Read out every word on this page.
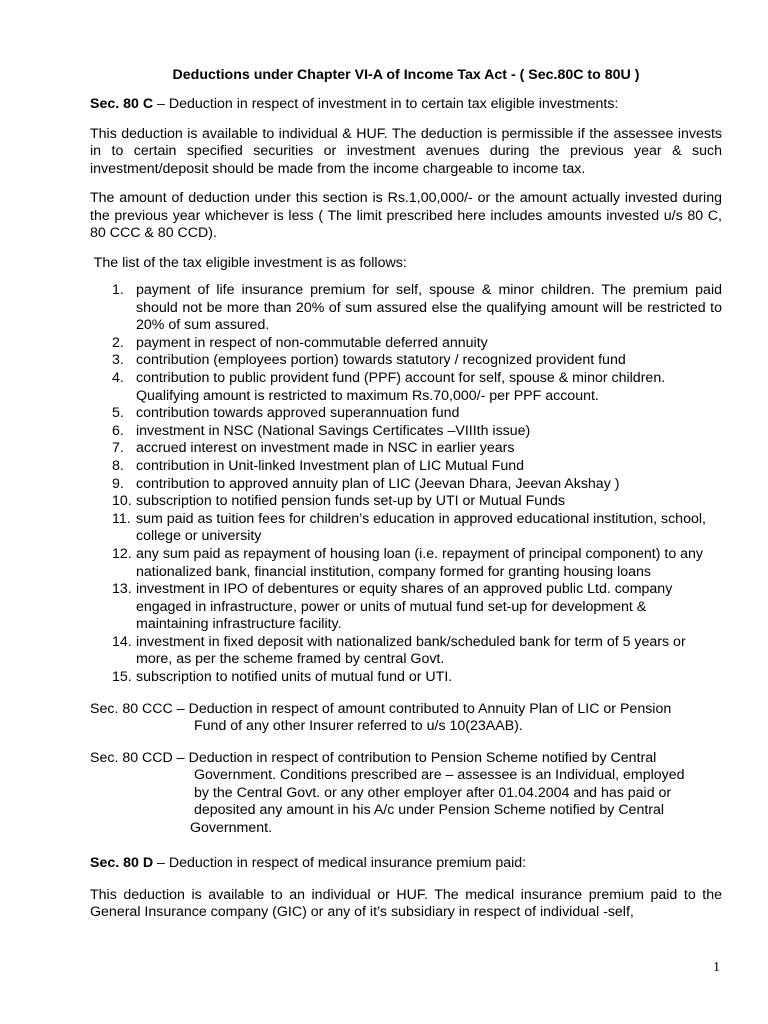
Deductions under Chapter VI-A of Income Tax Act - ( Sec.80C to 80U )

Sec. 80 C – Deduction in respect of investment in to certain tax eligible investments:

This deduction is available to individual & HUF. The deduction is permissible if the assessee invests in to certain specified securities or investment avenues during the previous year & such investment/deposit should be made from the income chargeable to income tax.

The amount of deduction under this section is Rs.1,00,000/- or the amount actually invested during the previous year whichever is less ( The limit prescribed here includes amounts invested u/s 80 C, 80 CCC & 80 CCD).

The list of the tax eligible investment is as follows:

1. payment of life insurance premium for self, spouse & minor children. The premium paid should not be more than 20% of sum assured else the qualifying amount will be restricted to 20% of sum assured.
2. payment in respect of non-commutable deferred annuity
3. contribution (employees portion) towards statutory / recognized provident fund
4. contribution to public provident fund (PPF) account for self, spouse & minor children. Qualifying amount is restricted to maximum Rs.70,000/- per PPF account.
5. contribution towards approved superannuation fund
6. investment in NSC (National Savings Certificates –VIIIth issue)
7. accrued interest on investment made in NSC in earlier years
8. contribution in Unit-linked Investment plan of LIC Mutual Fund
9. contribution to approved annuity plan of LIC (Jeevan Dhara, Jeevan Akshay )
10. subscription to notified pension funds set-up by UTI or Mutual Funds
11. sum paid as tuition fees for children’s education in approved educational institution, school, college or university
12. any sum paid as repayment of housing loan (i.e. repayment of principal component) to any nationalized bank, financial institution, company formed for granting housing loans
13. investment in IPO of debentures or equity shares of an approved public Ltd. company engaged in infrastructure, power or units of mutual fund set-up for development & maintaining infrastructure facility.
14. investment in fixed deposit with nationalized bank/scheduled bank for term of 5 years or more, as per the scheme framed by central Govt.
15. subscription to notified units of mutual fund or UTI.
Sec. 80 CCC – Deduction in respect of amount contributed to Annuity Plan of LIC or Pension
Fund of any other Insurer referred to u/s 10(23AAB).
Sec. 80 CCD – Deduction in respect of contribution to Pension Scheme notified by Central
Government. Conditions prescribed are – assessee is an Individual, employed
by the Central Govt. or any other employer after 01.04.2004 and has paid or
deposited any amount in his A/c under Pension Scheme notified by Central
Government.

Sec. 80 D – Deduction in respect of medical insurance premium paid:

This deduction is available to an individual or HUF. The medical insurance premium paid to the General Insurance company (GIC) or any of it’s subsidiary in respect of individual -self,

1
